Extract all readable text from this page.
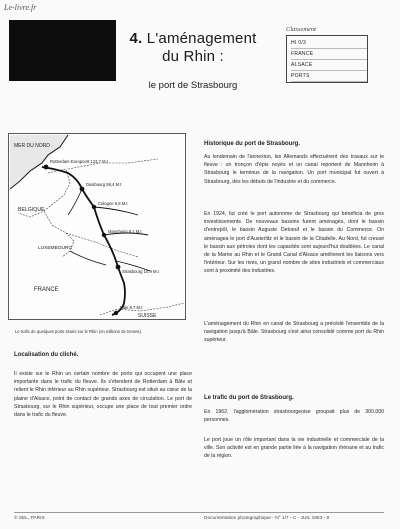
Le-livre.fr
4. L'aménagement
du Rhin :
le port de Strasbourg
Classement
HI 0/3
FRANCE
ALSACE
PORTS
MER DU NORD
BELGIQUE
LUXEMBOURG
FRANCE
SUISSE
Rotterdam-Europoort 123,7 M.t
Duisbourg 58,4 M.t
Cologne 6,8 M.t
Mannheim 8,1 M.t
Strasbourg 10,9 M.t
Bâle 8,7 M.t
Le trafic de quelques ports situés sur le Rhin (en millions de tonnes).
Historique du port de Strasbourg.
Au lendemain de l'annexion, les Allemands effectuèrent des travaux sur le fleuve : un tronçon d'épis noyés et un canal reportent de Mannheim à Strasbourg le terminus de la navigation. Un port municipal fut ouvert à Strasbourg, dès les débuts de l'industrie et du commerce.
En 1924, fut créé le port autonome de Strasbourg qui bénéficia de gros investissements. De nouveaux bassins furent aménagés, dont le bassin d'entrepôt, le bassin Auguste Detoeuf et le bassin du Commerce. On aménagea le port d'Austerlitz et le bassin de la Citadelle. Au Nord, fut creusé le bassin aux pétroles dont les capacités sont aujourd'hui doublées. Le canal de la Marne au Rhin et le Grand Canal d'Alsace améliorent les liaisons vers l'intérieur. Sur les rives, un grand nombre de sites industriels et commerciaux sont à proximité des industries.
L'aménagement du Rhin en canal de Strasbourg a précédé l'ensemble de la navigation jusqu'à Bâle. Strasbourg s'est ainsi consolidé comme port du Rhin supérieur.
Localisation du cliché.
Il existe sur le Rhin un certain nombre de ports qui occupent une place importante dans le trafic du fleuve. Ils s'étendent de Rotterdam à Bâle et relient le Rhin inférieur au Rhin supérieur. Strasbourg est situé au cœur de la plaine d'Alsace, point de contact de grands axes de circulation. Le port de Strasbourg, sur le Rhin supérieur, occupe une place de tout premier ordre dans le trafic du fleuve.
Le trafic du port de Strasbourg.
En 1962, l'agglomération strasbourgeoise groupait plus de 300.000 personnes.
Le port joue un rôle important dans la vie industrielle et commerciale de la ville. Son activité est en grande partie liée à la navigation rhénane et au trafic de la région.
© SEL, PARIS	Documentation photographique - N° 1/7 - C - JUIL 1963 - 8
